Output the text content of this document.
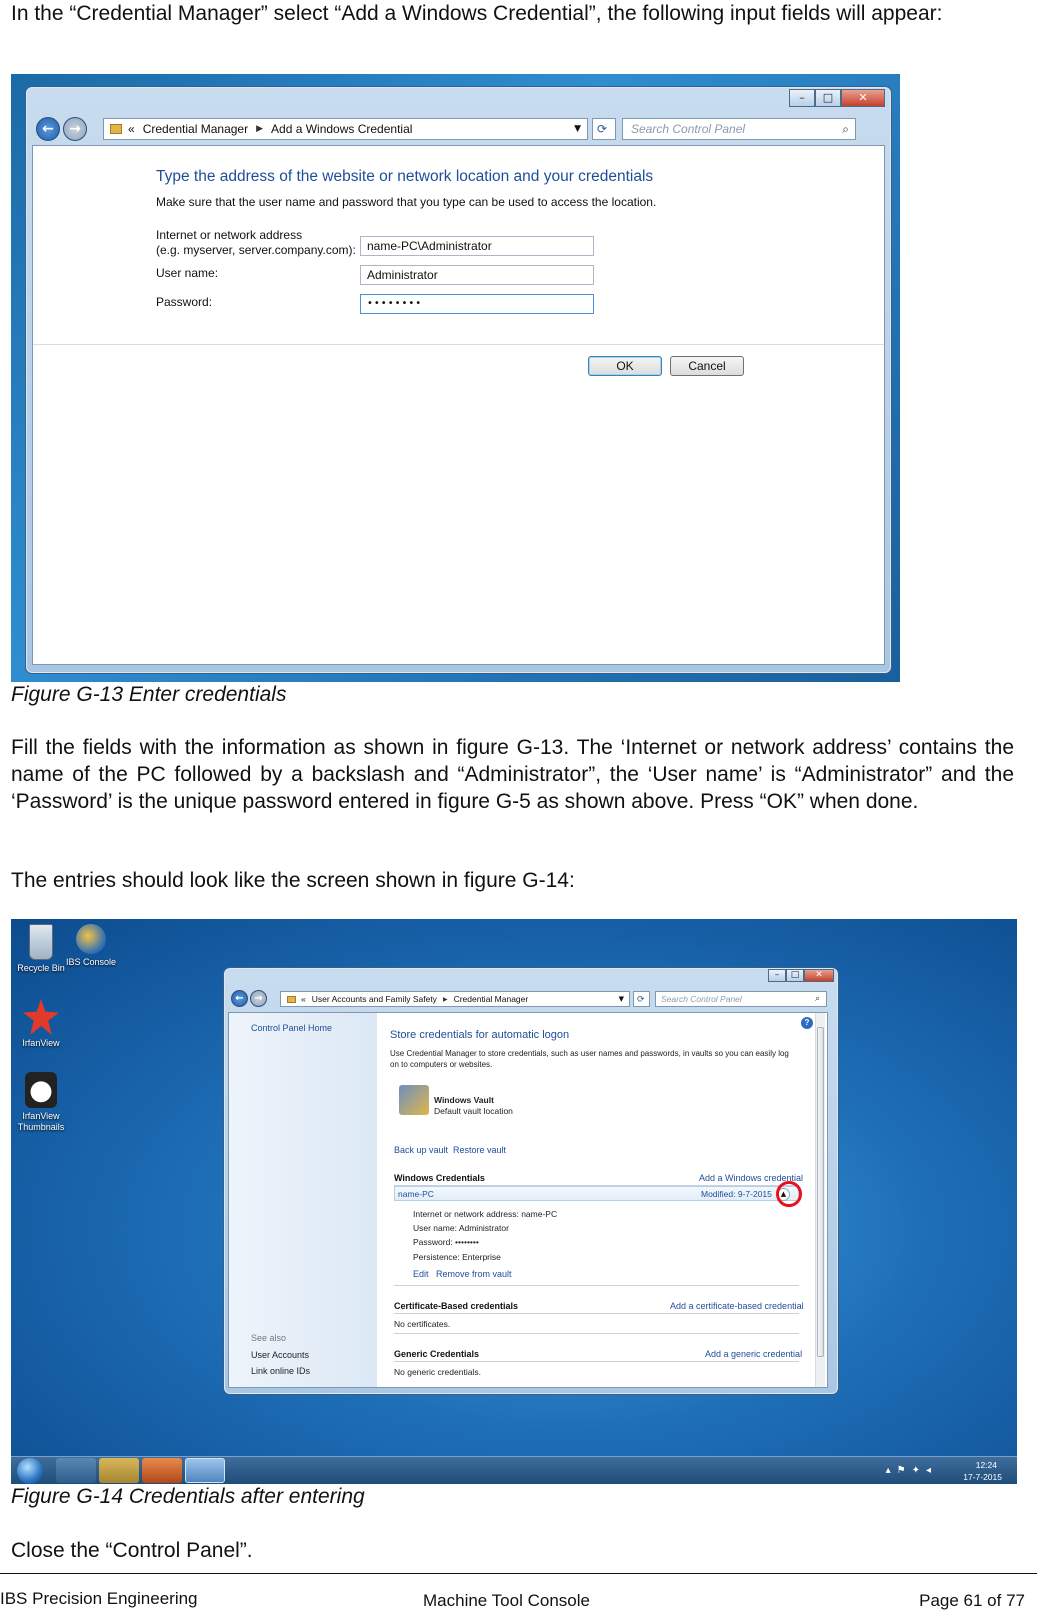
In the “Credential Manager” select “Add a Windows Credential”, the following input fields will appear:
–	□	✕
←	→	« Credential Manager ▶ Add a Windows Credential	▼	⟳	Search Control Panel	⌕
Type the address of the website or network location and your credentials
Make sure that the user name and password that you type can be used to access the location.
Internet or network address
(e.g. myserver, server.company.com): name-PC\Administrator
User name:	Administrator
Password:	••••••••
OK	Cancel
Figure G-13 Enter credentials
Fill the fields with the information as shown in figure G-13. The ‘Internet or network address’ contains the name of the PC followed by a backslash and “Administrator”, the ‘User name’ is “Administrator” and the ‘Password’ is the unique password entered in figure G-5 as shown above. Press “OK” when done.
The entries should look like the screen shown in figure G-14:
Recycle Bin
IBS Console
IrfanView
IrfanView
Thumbnails
–	□	✕
←	→	« User Accounts and Family Safety ▶ Credential Manager	▼	⟳	Search Control Panel	⌕
Control Panel Home
See also
User Accounts
Link online IDs
?
Store credentials for automatic logon
Use Credential Manager to store credentials, such as user names and passwords, in vaults so you can easily log
on to computers or websites.
Windows Vault
Default vault location
Back up vault Restore vault
Windows Credentials	Add a Windows credential
name-PC	Modified: 9-7-2015	▲
Internet or network address: name-PC
User name: Administrator
Password: ••••••••
Persistence: Enterprise
Edit Remove from vault
Certificate-Based credentials	Add a certificate-based credential
No certificates.
Generic Credentials	Add a generic credential
No generic credentials.
▴⚑✦◂	12:24
17-7-2015
Figure G-14 Credentials after entering
Close the “Control Panel”.
IBS Precision Engineering	Machine Tool Console	Page 61 of 77
